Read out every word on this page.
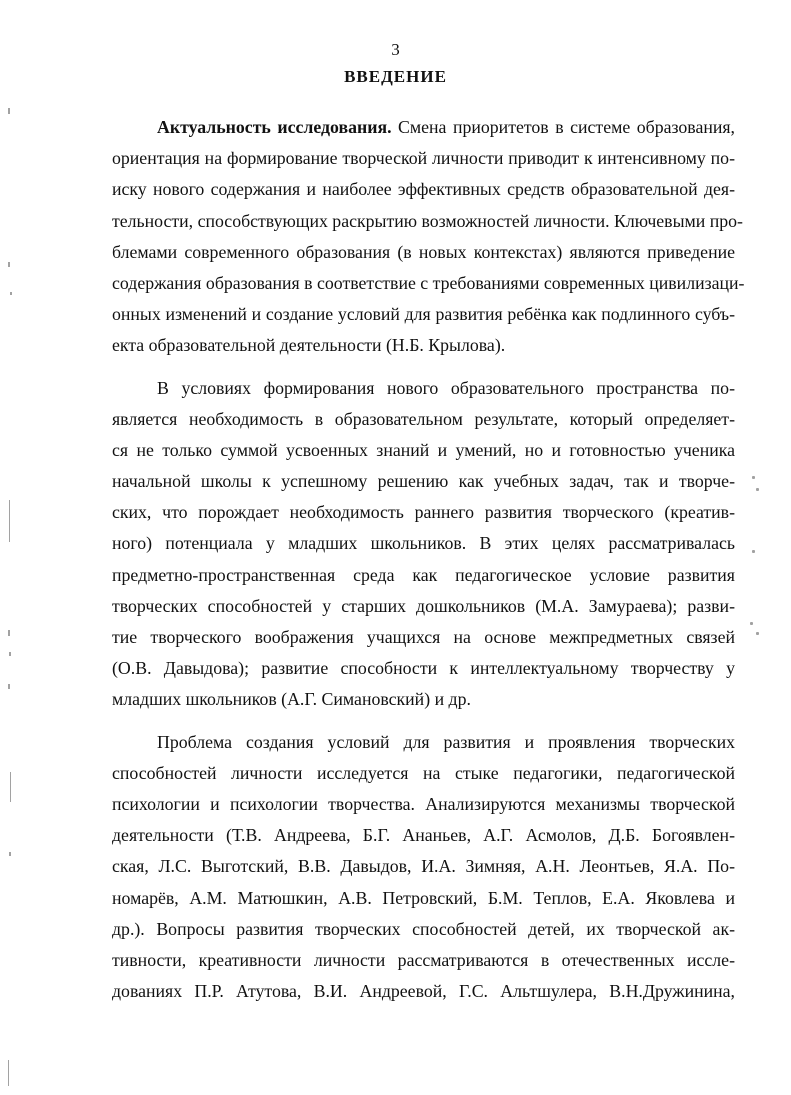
3
ВВЕДЕНИЕ
Актуальность исследования. Смена приоритетов в системе образования,
ориентация на формирование творческой личности приводит к интенсивному по-
иску нового содержания и наиболее эффективных средств образовательной дея-
тельности, способствующих раскрытию возможностей личности. Ключевыми про-
блемами современного образования (в новых контекстах) являются приведение
содержания образования в соответствие с требованиями современных цивилизаци-
онных изменений и создание условий для развития ребёнка как подлинного субъ-
екта образовательной деятельности (Н.Б. Крылова).
В условиях формирования нового образовательного пространства по-
является необходимость в образовательном результате, который определяет-
ся не только суммой усвоенных знаний и умений, но и готовностью ученика
начальной школы к успешному решению как учебных задач, так и творче-
ских, что порождает необходимость раннего развития творческого (креатив-
ного) потенциала у младших школьников. В этих целях рассматривалась
предметно-пространственная среда как педагогическое условие развития
творческих способностей у старших дошкольников (М.А. Замураева); разви-
тие творческого воображения учащихся на основе межпредметных связей
(О.В. Давыдова); развитие способности к интеллектуальному творчеству у
младших школьников (А.Г. Симановский) и др.
Проблема создания условий для развития и проявления творческих
способностей личности исследуется на стыке педагогики, педагогической
психологии и психологии творчества. Анализируются механизмы творческой
деятельности (Т.В. Андреева, Б.Г. Ананьев, А.Г. Асмолов, Д.Б. Богоявлен-
ская, Л.С. Выготский, В.В. Давыдов, И.А. Зимняя, А.Н. Леонтьев, Я.А. По-
номарёв, А.М. Матюшкин, А.В. Петровский, Б.М. Теплов, Е.А. Яковлева и
др.). Вопросы развития творческих способностей детей, их творческой ак-
тивности, креативности личности рассматриваются в отечественных иссле-
дованиях П.Р. Атутова, В.И. Андреевой, Г.С. Альтшулера, В.Н.Дружинина,
